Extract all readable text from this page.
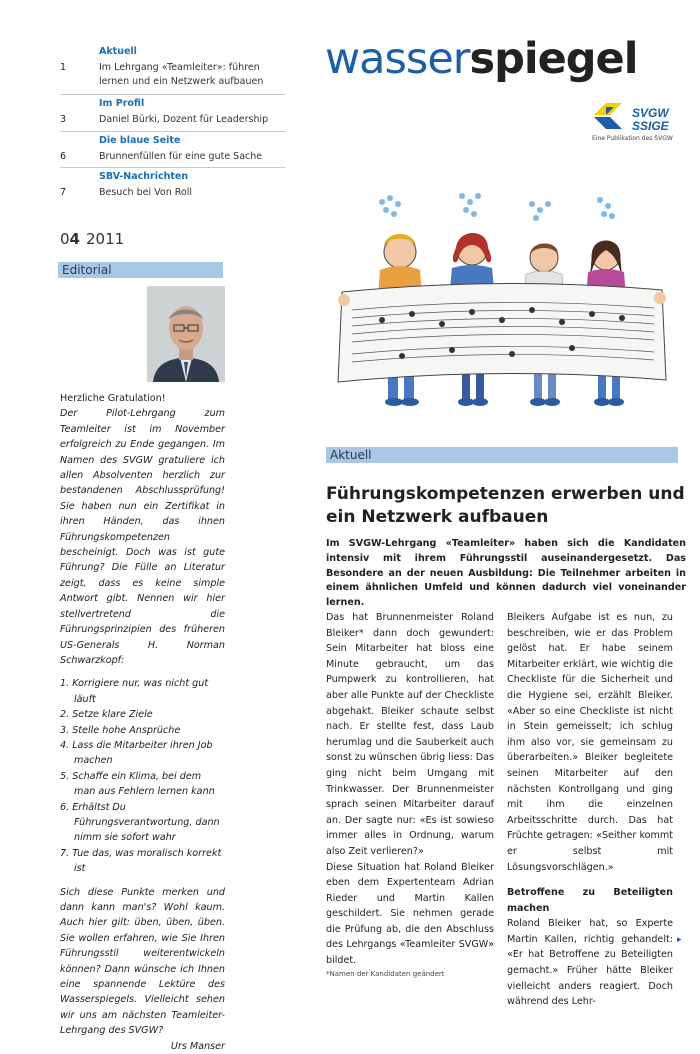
Aktuell
1	Im Lehrgang «Teamleiter»: führen lernen und ein Netzwerk aufbauen
Im Profil
3	Daniel Bürki, Dozent für Leadership
Die blaue Seite
6	Brunnenfüllen für eine gute Sache
SBV-Nachrichten
7	Besuch bei Von Roll
wasserspiegel
SVGW
SSIGE
Eine Publikation des SVGW
04 2011
Editorial

Herzliche Gratulation!

Der Pilot-Lehrgang zum Teamleiter ist im November erfolgreich zu Ende gegangen. Im Namen des SVGW gratuliere ich allen Absolventen herzlich zur bestandenen Abschlussprüfung! Sie haben nun ein Zertifikat in ihren Händen, das ihnen Führungskompetenzen bescheinigt. Doch was ist gute Führung? Die Fülle an Literatur zeigt, dass es keine simple Antwort gibt. Nennen wir hier stellvertretend die Führungsprinzipien des früheren US-Generals H. Norman Schwarzkopf:

1. Korrigiere nur, was nicht gut läuft
2. Setze klare Ziele
3. Stelle hohe Ansprüche
4. Lass die Mitarbeiter ihren Job machen
5. Schaffe ein Klima, bei dem man aus Fehlern lernen kann
6. Erhältst Du Führungsverantwortung, dann nimm sie sofort wahr
7. Tue das, was moralisch korrekt ist

Sich diese Punkte merken und dann kann man's? Wohl kaum. Auch hier gilt: üben, üben, üben. Sie wollen erfahren, wie Sie Ihren Führungsstil weiterentwickeln können? Dann wünsche ich Ihnen eine spannende Lektüre des Wasserspiegels. Vielleicht sehen wir uns am nächsten Teamleiter-Lehrgang des SVGW?

Urs Manser

Aktuell
Führungskompetenzen erwerben und ein Netzwerk aufbauen
Im SVGW-Lehrgang «Teamleiter» haben sich die Kandidaten intensiv mit ihrem Führungsstil auseinandergesetzt. Das Besondere an der neuen Ausbildung: Die Teilnehmer arbeiten in einem ähnlichen Umfeld und können dadurch viel voneinander lernen.

Das hat Brunnenmeister Roland Bleiker* dann doch gewundert: Sein Mitarbeiter hat bloss eine Minute gebraucht, um das Pumpwerk zu kontrollieren, hat aber alle Punkte auf der Checkliste abgehakt. Bleiker schaute selbst nach. Er stellte fest, dass Laub herumlag und die Sauberkeit auch sonst zu wünschen übrig liess: Das ging nicht beim Umgang mit Trinkwasser. Der Brunnenmeister sprach seinen Mitarbeiter darauf an. Der sagte nur: «Es ist sowieso immer alles in Ordnung, warum also Zeit verlieren?»

Diese Situation hat Roland Bleiker eben dem Expertenteam Adrian Rieder und Martin Kallen geschildert. Sie nehmen gerade die Prüfung ab, die den Abschluss des Lehrgangs «Teamleiter SVGW» bildet.

*Namen der Kandidaten geändert

Bleikers Aufgabe ist es nun, zu beschreiben, wie er das Problem gelöst hat. Er habe seinem Mitarbeiter erklärt, wie wichtig die Checkliste für die Sicherheit und die Hygiene sei, erzählt Bleiker. «Aber so eine Checkliste ist nicht in Stein gemeisselt; ich schlug ihm also vor, sie gemeinsam zu überarbeiten.» Bleiker begleitete seinen Mitarbeiter auf den nächsten Kontrollgang und ging mit ihm die einzelnen Arbeitsschritte durch. Das hat Früchte getragen: «Seither kommt er selbst mit Lösungsvorschlägen.»

Betroffene zu Beteiligten machen

Roland Bleiker hat, so Experte Martin Kallen, richtig gehandelt: «Er hat Betroffene zu Beteiligten gemacht.» Früher hätte Bleiker vielleicht anders reagiert. Doch während des Lehr-

▸
